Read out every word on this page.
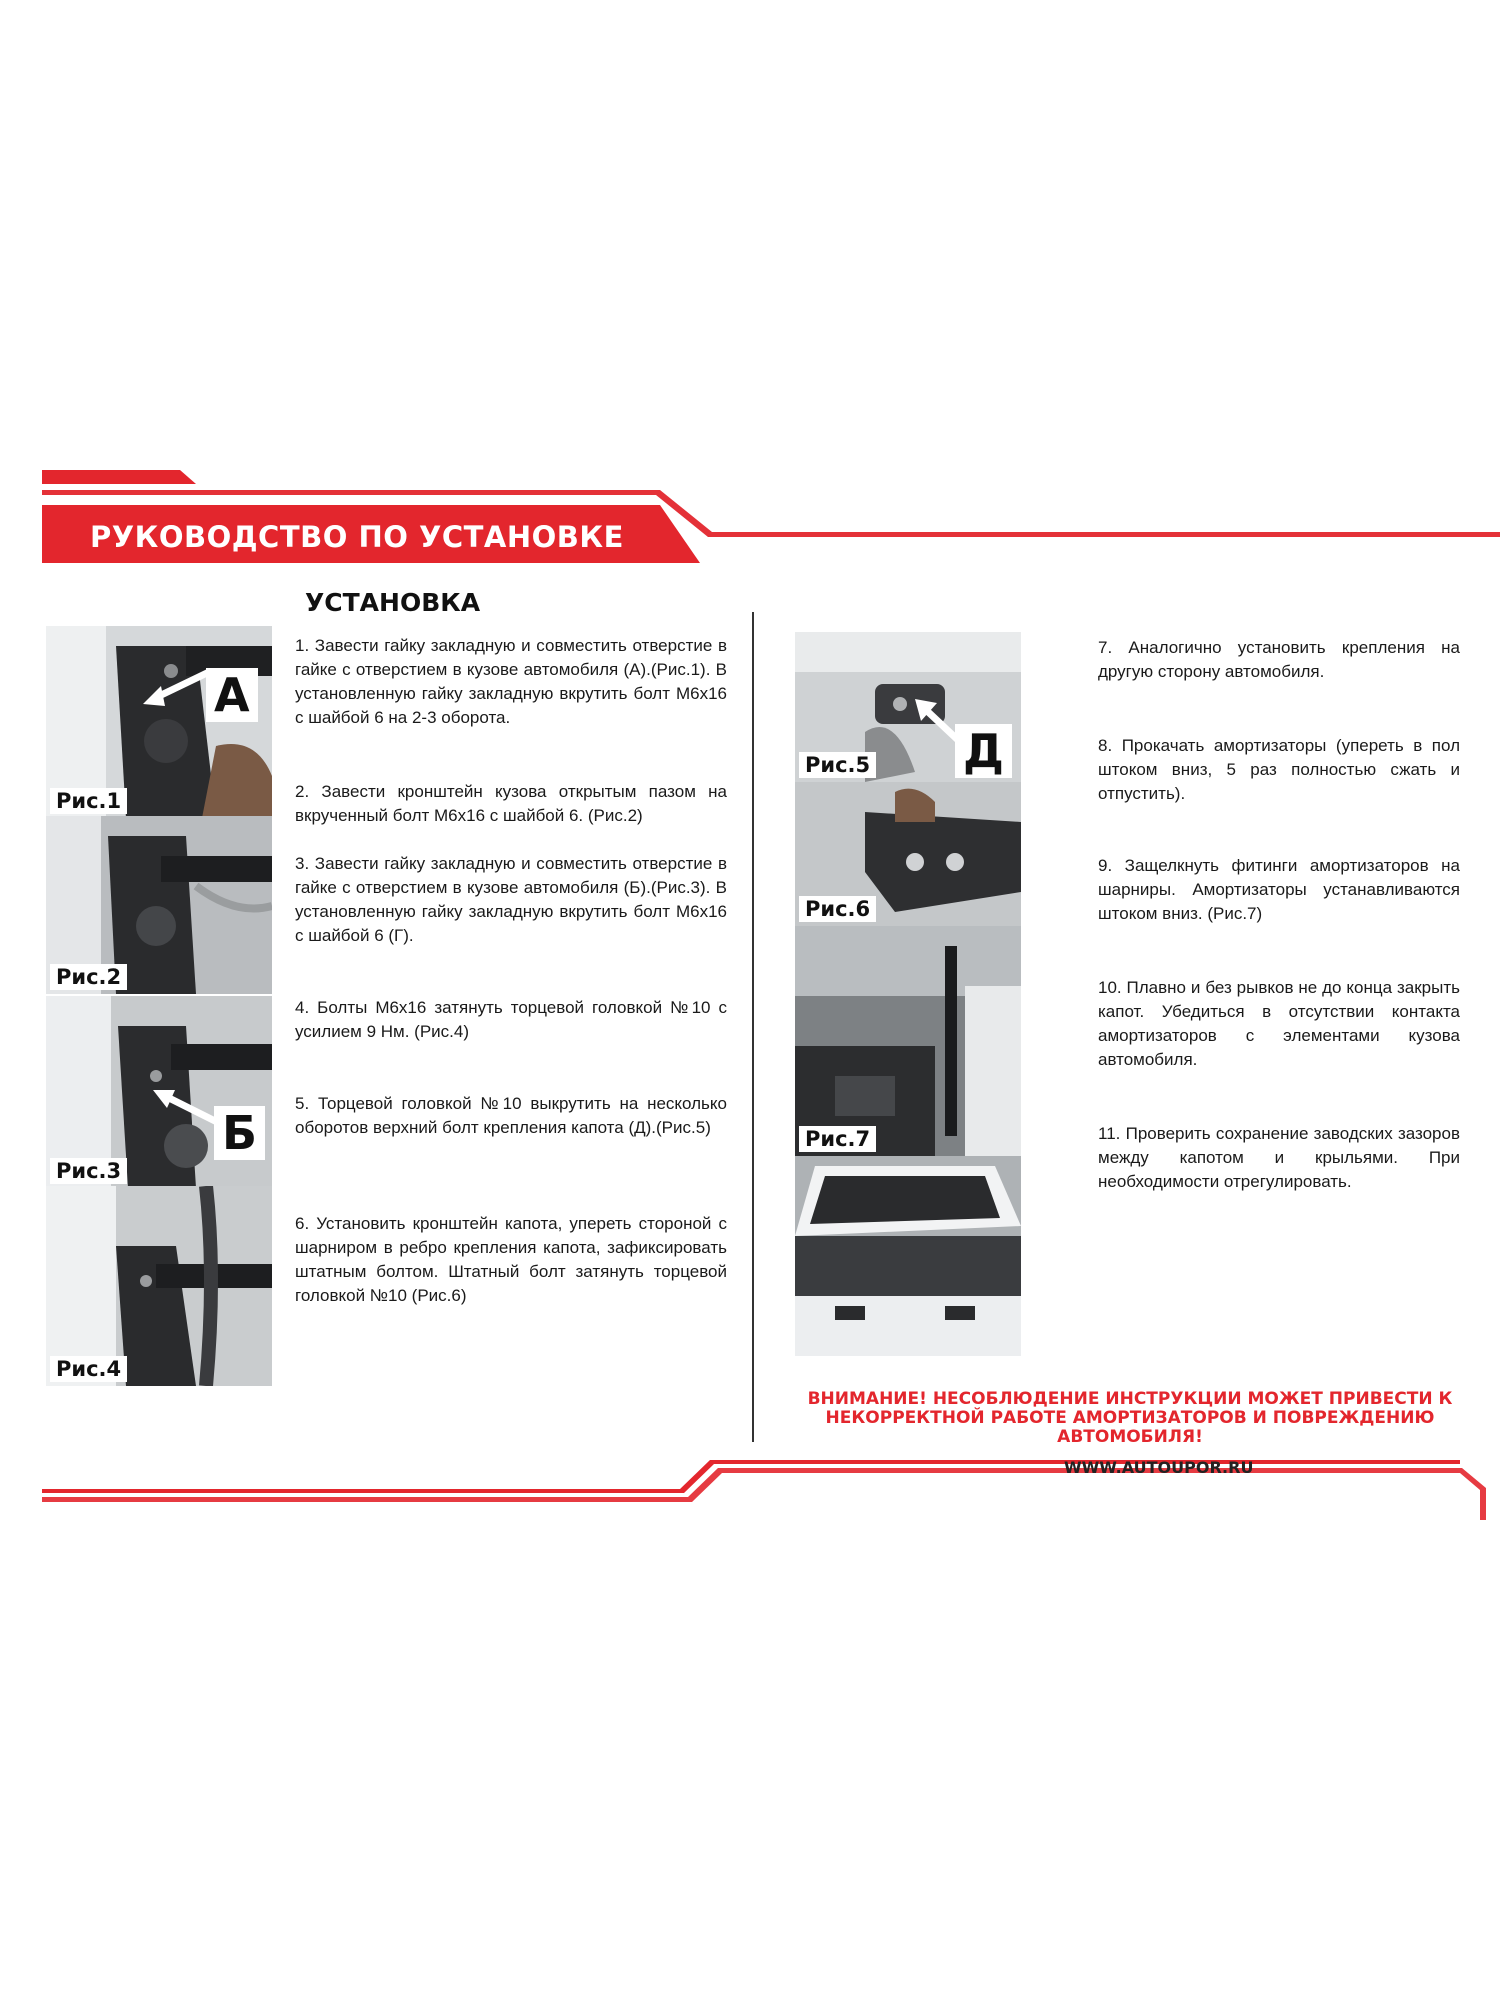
РУКОВОДСТВО ПО УСТАНОВКЕ
УСТАНОВКА
А
Рис.1
Рис.2
Б
Рис.3
Рис.4
1. Завести гайку закладную и совместить отверстие в гайке с отверстием в кузове автомобиля (А).(Рис.1). В установленную гайку закладную вкрутить болт М6х16 с шайбой 6 на 2-3 оборота.
2. Завести кронштейн кузова открытым пазом на вкрученный болт М6х16 с шайбой 6. (Рис.2)
3. Завести гайку закладную и совместить отверстие в гайке с отверстием в кузове автомобиля (Б).(Рис.3). В установленную гайку закладную вкрутить болт М6х16 с шайбой 6 (Г).
4. Болты М6х16 затянуть торцевой головкой №10 с усилием 9 Нм. (Рис.4)
5. Торцевой головкой №10 выкрутить на несколько оборотов верхний болт крепления капота (Д).(Рис.5)
6. Установить кронштейн капота, упереть стороной с шарниром в ребро крепления капота, зафиксировать штатным болтом. Штатный болт затянуть торцевой головкой №10 (Рис.6)
Д
Рис.5
Рис.6
Рис.7
7. Аналогично установить крепления на другую сторону автомобиля.
8. Прокачать амортизаторы (упереть в пол штоком вниз, 5 раз полностью сжать и отпустить).
9. Защелкнуть фитинги амортизаторов на шарниры. Амортизаторы устанавливаются штоком вниз. (Рис.7)
10. Плавно и без рывков не до конца закрыть капот. Убедиться в отсутствии контакта амортизаторов с элементами кузова автомобиля.
11. Проверить сохранение заводских зазоров между капотом и крыльями. При необходимости отрегулировать.
ВНИМАНИЕ! НЕСОБЛЮДЕНИЕ ИНСТРУКЦИИ МОЖЕТ ПРИВЕСТИ К НЕКОРРЕКТНОЙ РАБОТЕ АМОРТИЗАТОРОВ И ПОВРЕЖДЕНИЮ АВТОМОБИЛЯ!
WWW.AUTOUPOR.RU
